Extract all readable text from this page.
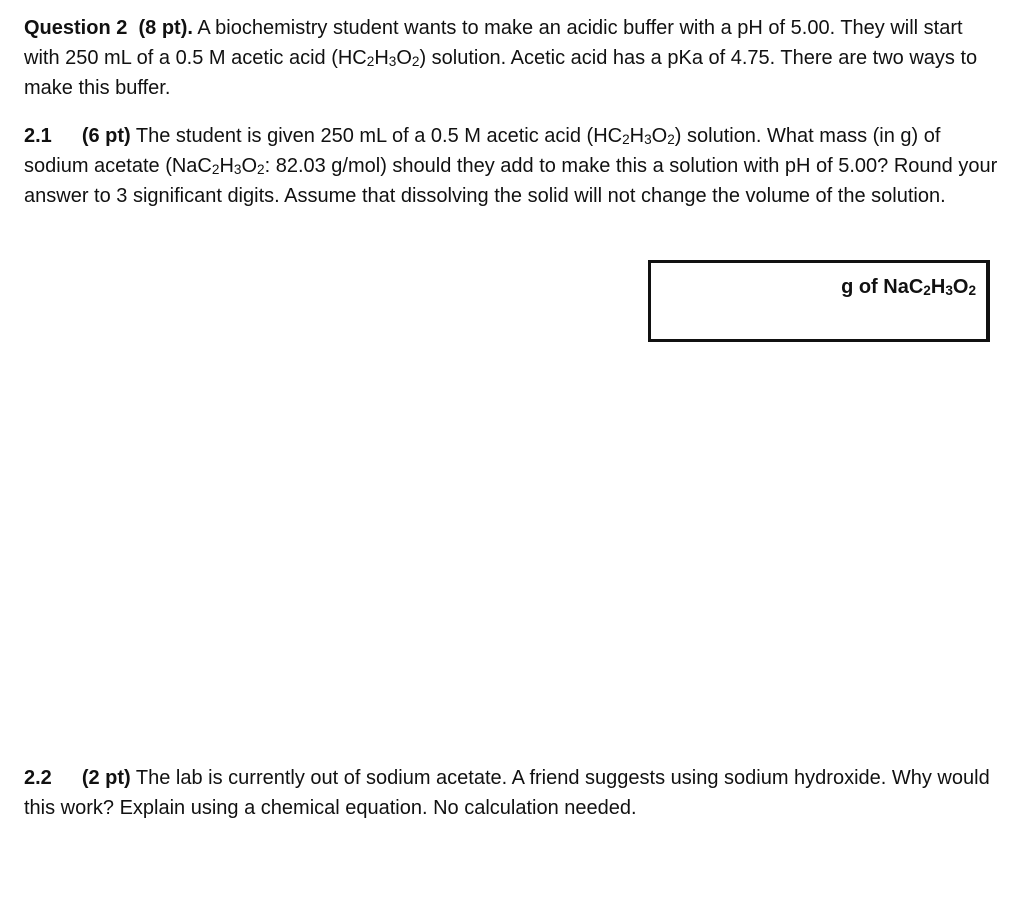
Question 2 (8 pt). A biochemistry student wants to make an acidic buffer with a pH of 5.00. They will start with 250 mL of a 0.5 M acetic acid $(HC_2H_3O_2)$ solution. Acetic acid has a pKa of 4.75. There are two ways to make this buffer.

2.1 (6 pt) The student is given 250 mL of a 0.5 M acetic acid $(HC_2H_3O_2)$ solution. What mass (in g) of sodium acetate ($NaC_2H_3O_2$: 82.03 g/mol) should they add to make this a solution with pH of 5.00? Round your answer to 3 significant digits. Assume that dissolving the solid will not change the volume of the solution.

g of $NaC_2H_3O_2$

2.2 (2 pt) The lab is currently out of sodium acetate. A friend suggests using sodium hydroxide. Why would this work? Explain using a chemical equation. No calculation needed.
